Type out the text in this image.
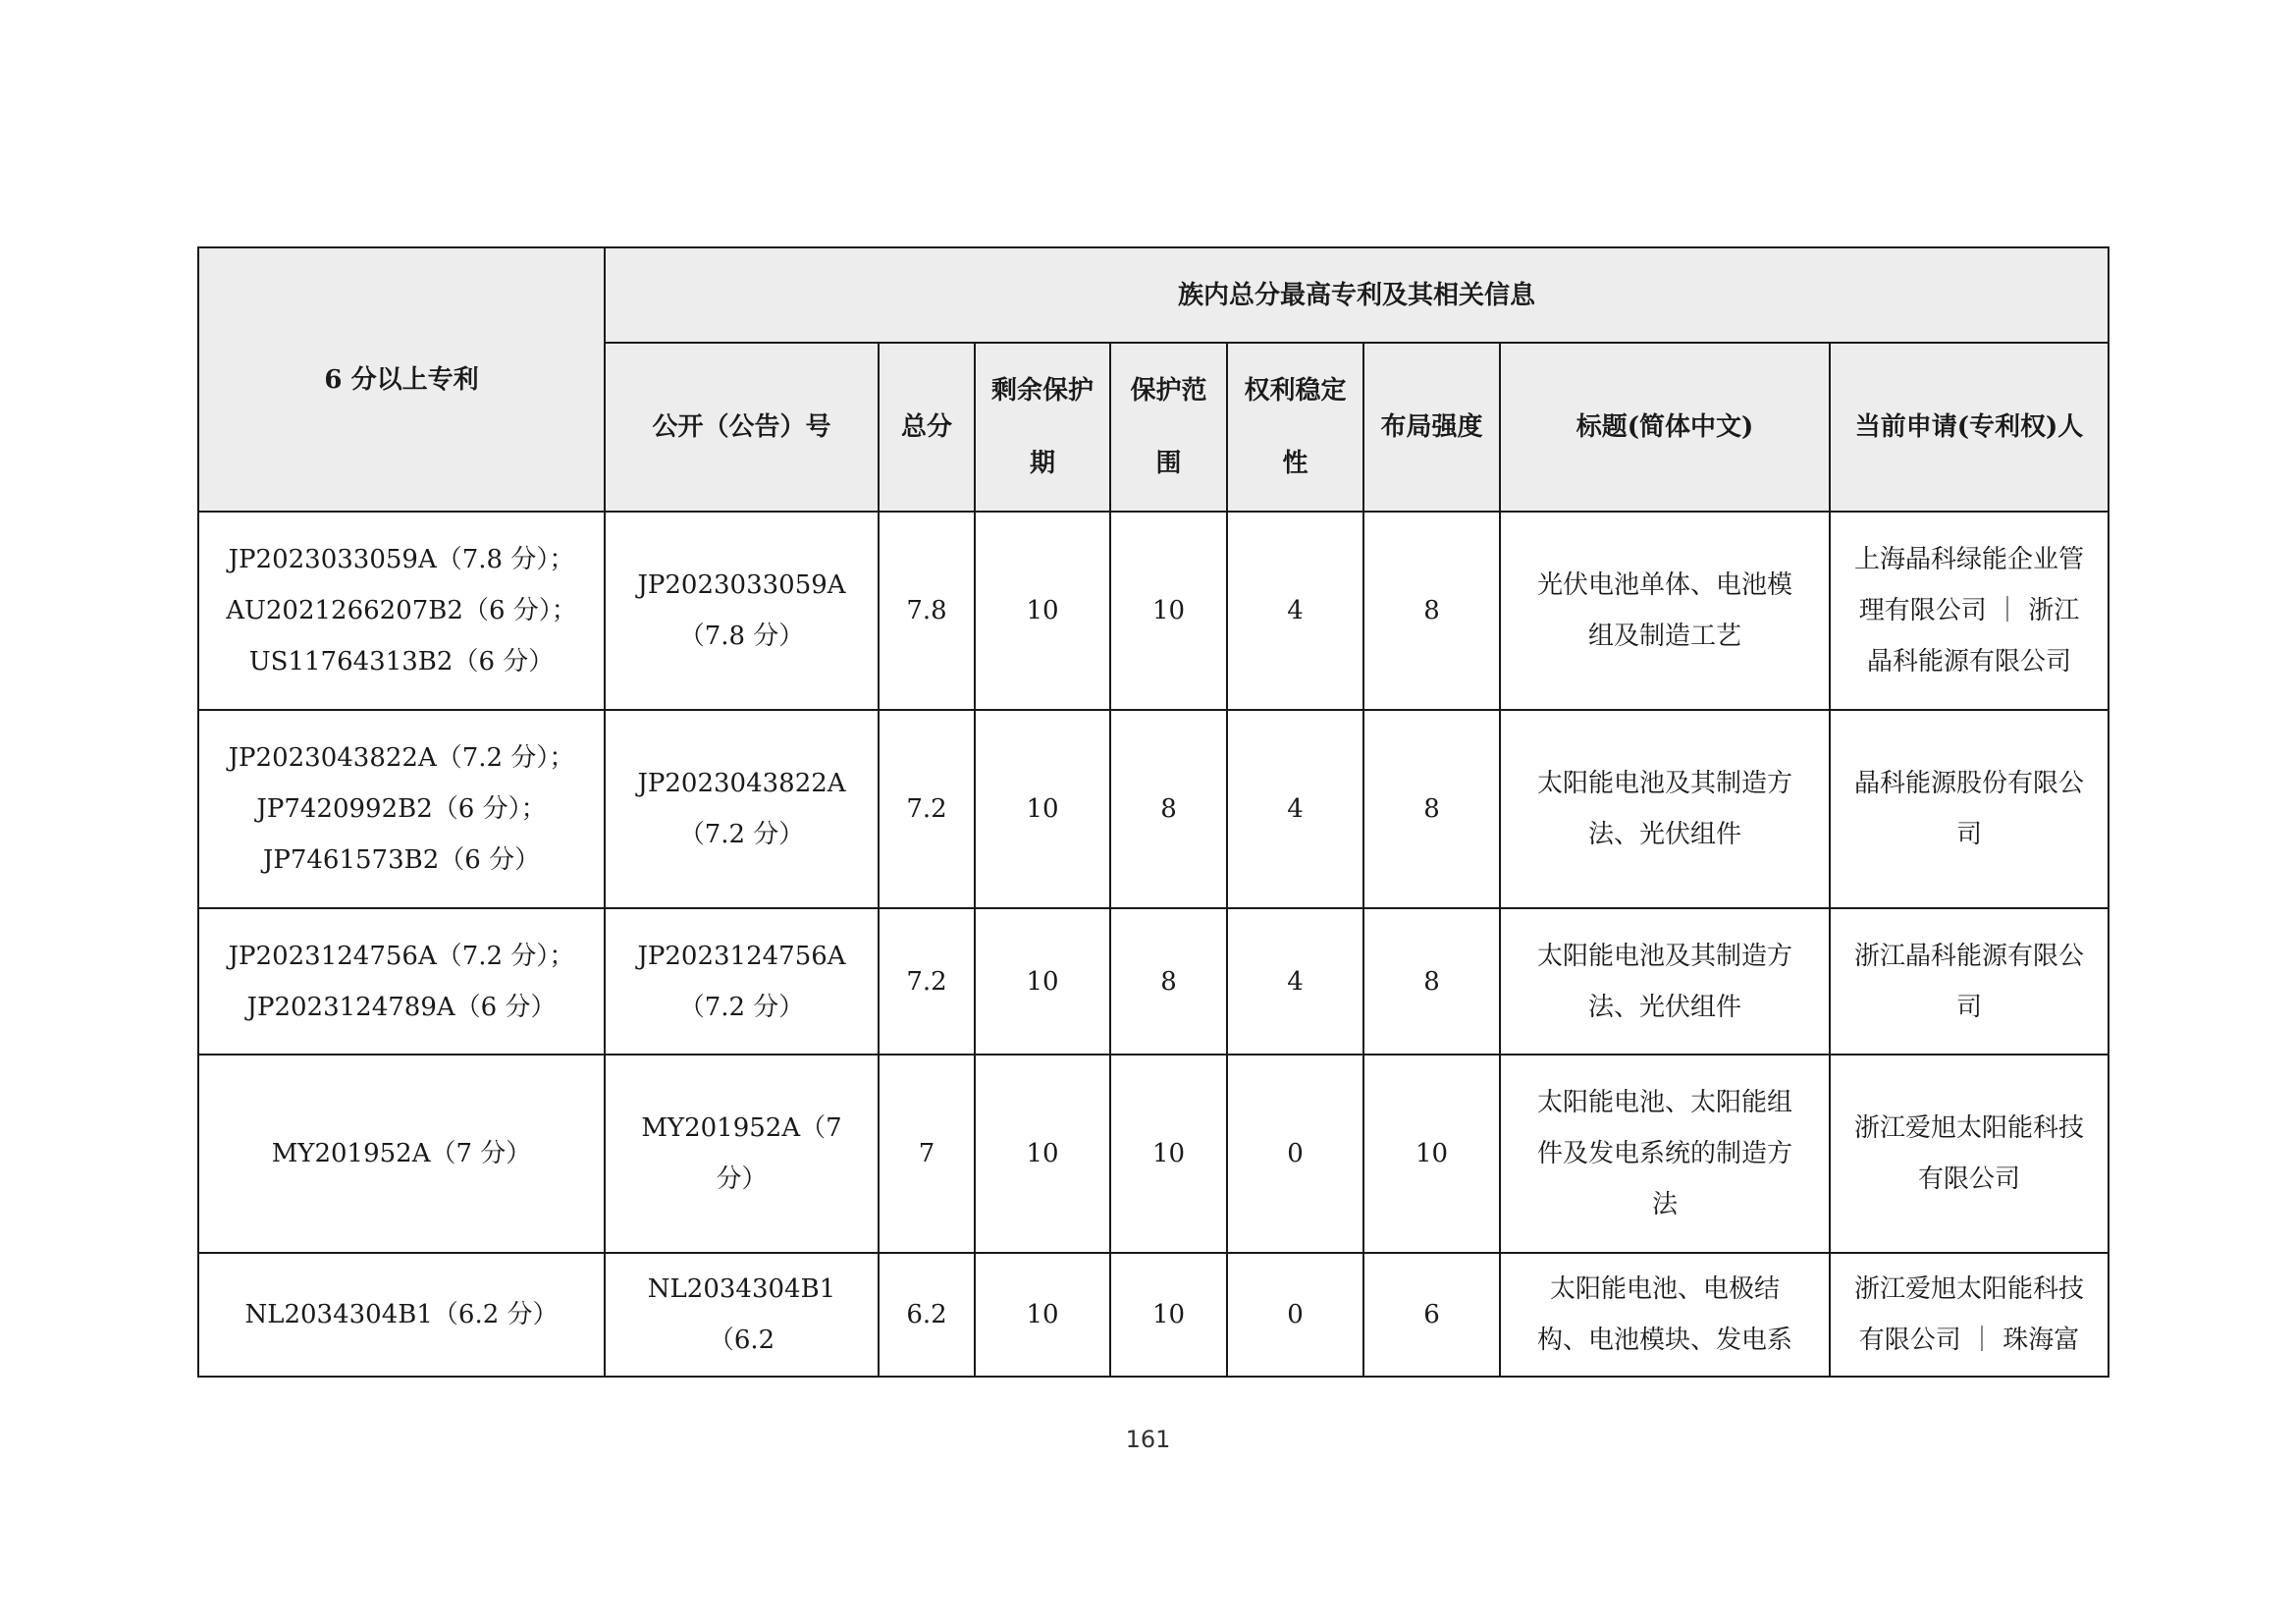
6 分以上专利	族内总分最高专利及其相关信息							
	公开（公告）号	总分	剩余保护期	保护范围	权利稳定性	布局强度	标题(简体中文)	当前申请(专利权)人

JP2023033059A（7.8 分）；
AU2021266207B2（6 分）；
US11764313B2（6 分）	JP2023033059A
（7.8 分）	7.8	10	10	4	8	光伏电池单体、电池模
组及制造工艺	上海晶科绿能企业管
理有限公司 ｜ 浙江
晶科能源有限公司

JP2023043822A（7.2 分）；
JP7420992B2（6 分）；
JP7461573B2（6 分）	JP2023043822A
（7.2 分）	7.2	10	8	4	8	太阳能电池及其制造方
法、光伏组件	晶科能源股份有限公
司

JP2023124756A（7.2 分）；
JP2023124789A（6 分）	JP2023124756A
（7.2 分）	7.2	10	8	4	8	太阳能电池及其制造方
法、光伏组件	浙江晶科能源有限公
司

MY201952A（7 分）	MY201952A（7
分）	7	10	10	0	10	太阳能电池、太阳能组
件及发电系统的制造方
法	浙江爱旭太阳能科技
有限公司

NL2034304B1（6.2 分）	NL2034304B1（6.2	6.2	10	10	0	6	太阳能电池、电极结
构、电池模块、发电系	浙江爱旭太阳能科技
有限公司 ｜ 珠海富
161
